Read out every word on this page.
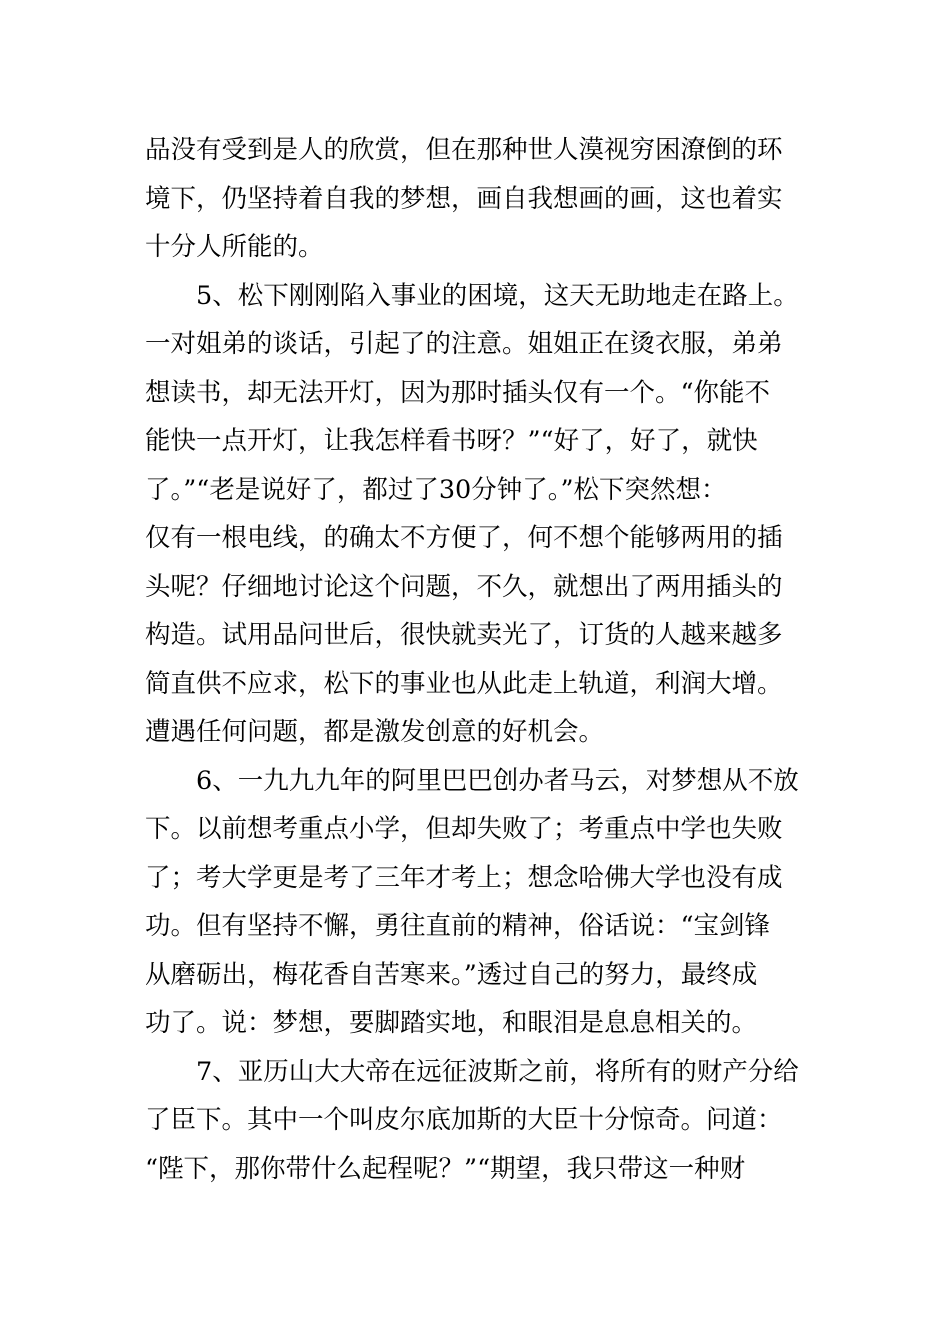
品没有受到是人的欣赏，但在那种世人漠视穷困潦倒的环
境下，仍坚持着自我的梦想，画自我想画的画，这也着实
十分人所能的。
5、松下刚刚陷入事业的困境，这天无助地走在路上。
一对姐弟的谈话，引起了的注意。姐姐正在烫衣服，弟弟
想读书，却无法开灯，因为那时插头仅有一个。“你能不
能快一点开灯，让我怎样看书呀？”“好了，好了，就快
了。”“老是说好了，都过了30分钟了。”松下突然想：
仅有一根电线，的确太不方便了，何不想个能够两用的插
头呢？仔细地讨论这个问题，不久，就想出了两用插头的
构造。试用品问世后，很快就卖光了，订货的人越来越多
简直供不应求，松下的事业也从此走上轨道，利润大增。
遭遇任何问题，都是激发创意的好机会。
6、一九九九年的阿里巴巴创办者马云，对梦想从不放
下。以前想考重点小学，但却失败了；考重点中学也失败
了；考大学更是考了三年才考上；想念哈佛大学也没有成
功。但有坚持不懈，勇往直前的精神，俗话说：“宝剑锋
从磨砺出，梅花香自苦寒来。”透过自己的努力，最终成
功了。说：梦想，要脚踏实地，和眼泪是息息相关的。
7、亚历山大大帝在远征波斯之前，将所有的财产分给
了臣下。其中一个叫皮尔底加斯的大臣十分惊奇。问道：
“陛下，那你带什么起程呢？”“期望，我只带这一种财
